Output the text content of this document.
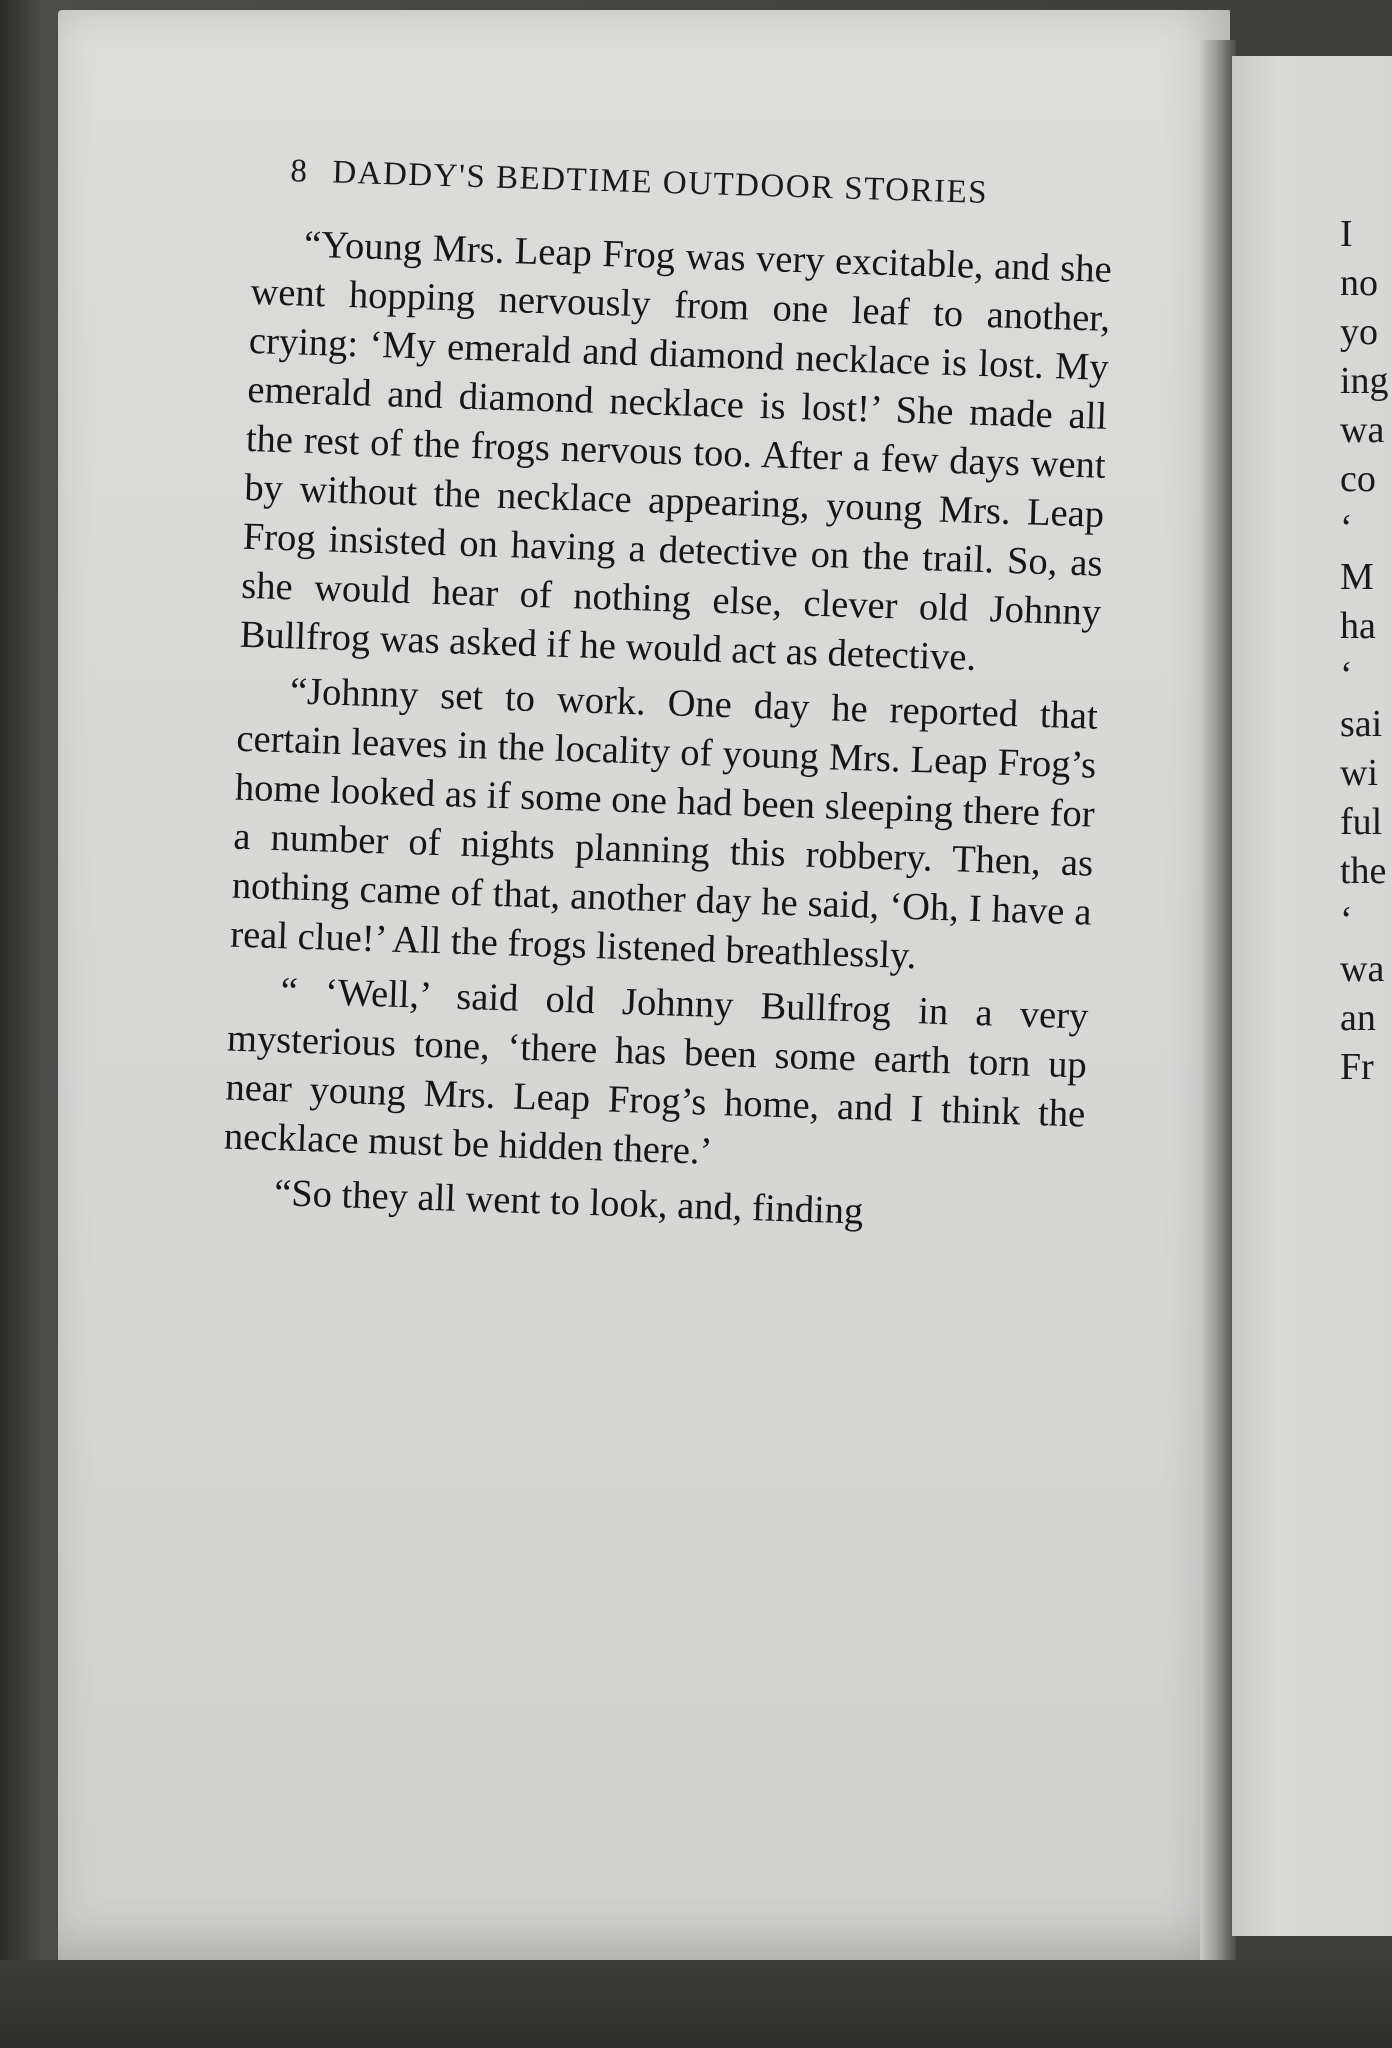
8 DADDY'S BEDTIME OUTDOOR STORIES

“Young Mrs. Leap Frog was very excitable, and she went hopping nervously from one leaf to another, crying: ‘My emerald and diamond necklace is lost. My emerald and diamond necklace is lost!’ She made all the rest of the frogs nervous too. After a few days went by without the necklace appearing, young Mrs. Leap Frog insisted on having a detective on the trail. So, as she would hear of nothing else, clever old Johnny Bullfrog was asked if he would act as detective.

“Johnny set to work. One day he reported that certain leaves in the locality of young Mrs. Leap Frog’s home looked as if some one had been sleeping there for a number of nights planning this robbery. Then, as nothing came of that, another day he said, ‘Oh, I have a real clue!’ All the frogs listened breathlessly.

“ ‘Well,’ said old Johnny Bullfrog in a very mysterious tone, ‘there has been some earth torn up near young Mrs. Leap Frog’s home, and I think the necklace must be hidden there.’

“So they all went to look, and, finding

I
no
yo
ing
wa
co
‘
M
ha
‘
sai
wi
ful
the
‘
wa
an
Fr
